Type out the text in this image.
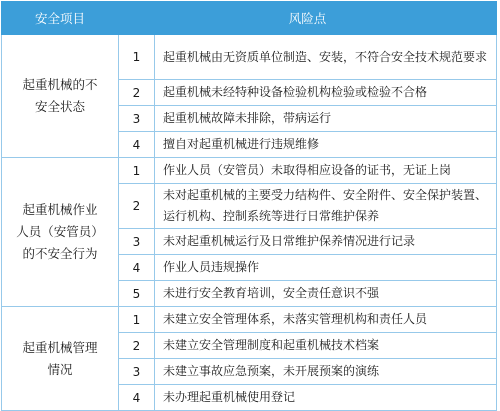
安全项目	风险点	

起重机械的不
安全状态	1	起重机械由无资质单位制造、安装，不符合安全技术规范要求
	2	起重机械未经特种设备检验机构检验或检验不合格
	3	起重机械故障未排除，带病运行
	4	擅自对起重机械进行违规维修

起重机械作业
人员（安管员）
的不安全行为	1	作业人员（安管员）未取得相应设备的证书，无证上岗
	2	未对起重机械的主要受力结构件、安全附件、安全保护装置、运行机构、控制系统等进行日常维护保养
	3	未对起重机械运行及日常维护保养情况进行记录
	4	作业人员违规操作
	5	未进行安全教育培训，安全责任意识不强

起重机械管理
情况	1	未建立安全管理体系，未落实管理机构和责任人员
	2	未建立安全管理制度和起重机械技术档案
	3	未建立事故应急预案，未开展预案的演练
	4	未办理起重机械使用登记
